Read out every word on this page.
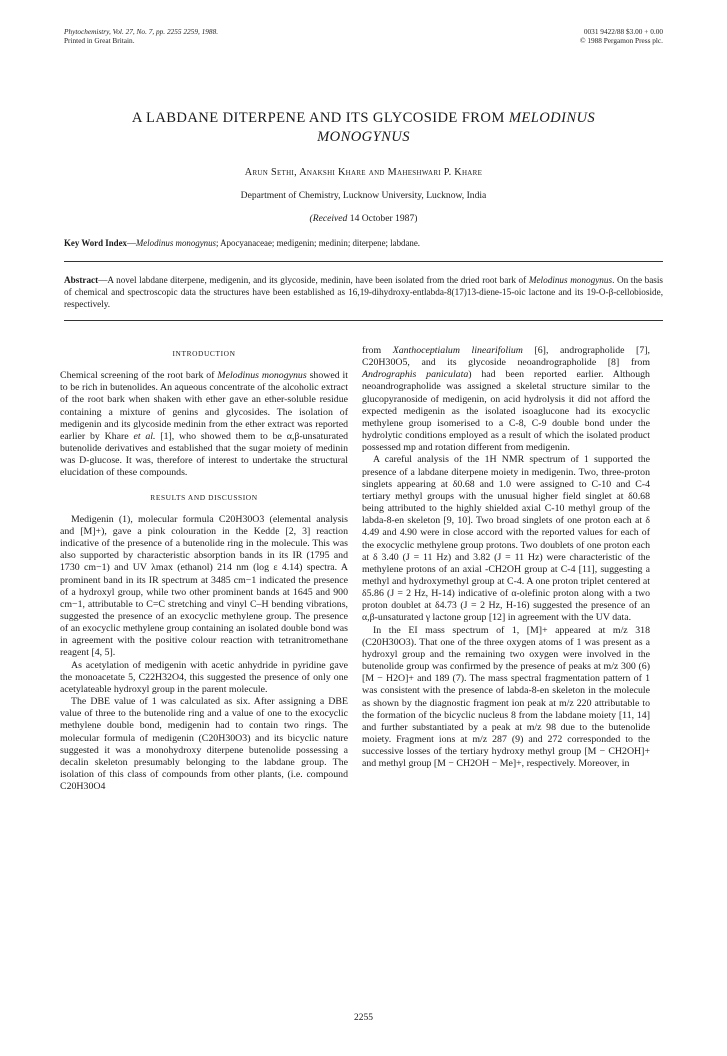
Phytochemistry, Vol. 27, No. 7, pp. 2255 2259, 1988.
Printed in Great Britain.
0031 9422/88 $3.00 + 0.00
© 1988 Pergamon Press plc.
A LABDANE DITERPENE AND ITS GLYCOSIDE FROM MELODINUS
MONOGYNUS
Arun Sethi, Anakshi Khare and Maheshwari P. Khare
Department of Chemistry, Lucknow University, Lucknow, India
(Received 14 October 1987)
Key Word Index—Melodinus monogynus; Apocyanaceae; medigenin; medinin; diterpene; labdane.
Abstract—A novel labdane diterpene, medigenin, and its glycoside, medinin, have been isolated from the dried root bark of Melodinus monogynus. On the basis of chemical and spectroscopic data the structures have been established as 16,19-dihydroxy-entlabda-8(17)13-diene-15-oic lactone and its 19-O-β-cellobioside, respectively.
INTRODUCTION

Chemical screening of the root bark of Melodinus monogynus showed it to be rich in butenolides. An aqueous concentrate of the alcoholic extract of the root bark when shaken with ether gave an ether-soluble residue containing a mixture of genins and glycosides. The isolation of medigenin and its glycoside medinin from the ether extract was reported earlier by Khare et al. [1], who showed them to be α,β-unsaturated butenolide derivatives and established that the sugar moiety of medinin was D-glucose. It was, therefore of interest to undertake the structural elucidation of these compounds.

RESULTS AND DISCUSSION

Medigenin (1), molecular formula C20H30O3 (elemental analysis and [M]+), gave a pink colouration in the Kedde [2, 3] reaction indicative of the presence of a butenolide ring in the molecule. This was also supported by characteristic absorption bands in its IR (1795 and 1730 cm−1) and UV λmax (ethanol) 214 nm (log ε 4.14) spectra. A prominent band in its IR spectrum at 3485 cm−1 indicated the presence of a hydroxyl group, while two other prominent bands at 1645 and 900 cm−1, attributable to C=C stretching and vinyl C–H bending vibrations, suggested the presence of an exocyclic methylene group. The presence of an exocyclic methylene group containing an isolated double bond was in agreement with the positive colour reaction with tetranitromethane reagent [4, 5].

As acetylation of medigenin with acetic anhydride in pyridine gave the monoacetate 5, C22H32O4, this suggested the presence of only one acetylateable hydroxyl group in the parent molecule.

The DBE value of 1 was calculated as six. After assigning a DBE value of three to the butenolide ring and a value of one to the exocyclic methylene double bond, medigenin had to contain two rings. The molecular formula of medigenin (C20H30O3) and its bicyclic nature suggested it was a monohydroxy diterpene butenolide possessing a decalin skeleton presumably belonging to the labdane group. The isolation of this class of compounds from other plants, (i.e. compound C20H30O4

from Xanthoceptialum linearifolium [6], andrographolide [7], C20H30O5, and its glycoside neoandrographolide [8] from Andrographis paniculata) had been reported earlier. Although neoandrographolide was assigned a skeletal structure similar to the glucopyranoside of medigenin, on acid hydrolysis it did not afford the expected medigenin as the isolated isoaglucone had its exocyclic methylene group isomerised to a C-8, C-9 double bond under the hydrolytic conditions employed as a result of which the isolated product possessed mp and rotation different from medigenin.

A careful analysis of the 1H NMR spectrum of 1 supported the presence of a labdane diterpene moiety in medigenin. Two, three-proton singlets appearing at δ0.68 and 1.0 were assigned to C-10 and C-4 tertiary methyl groups with the unusual higher field singlet at δ0.68 being attributed to the highly shielded axial C-10 methyl group of the labda-8-en skeleton [9, 10]. Two broad singlets of one proton each at δ 4.49 and 4.90 were in close accord with the reported values for each of the exocyclic methylene group protons. Two doublets of one proton each at δ 3.40 (J = 11 Hz) and 3.82 (J = 11 Hz) were characteristic of the methylene protons of an axial -CH2OH group at C-4 [11], suggesting a methyl and hydroxymethyl group at C-4. A one proton triplet centered at δ5.86 (J = 2 Hz, H-14) indicative of α-olefinic proton along with a two proton doublet at δ4.73 (J = 2 Hz, H-16) suggested the presence of an α,β-unsaturated γ lactone group [12] in agreement with the UV data.

In the EI mass spectrum of 1, [M]+ appeared at m/z 318 (C20H30O3). That one of the three oxygen atoms of 1 was present as a hydroxyl group and the remaining two oxygen were involved in the butenolide group was confirmed by the presence of peaks at m/z 300 (6) [M − H2O]+ and 189 (7). The mass spectral fragmentation pattern of 1 was consistent with the presence of labda-8-en skeleton in the molecule as shown by the diagnostic fragment ion peak at m/z 220 attributable to the formation of the bicyclic nucleus 8 from the labdane moiety [11, 14] and further substantiated by a peak at m/z 98 due to the butenolide moiety. Fragment ions at m/z 287 (9) and 272 corresponded to the successive losses of the tertiary hydroxy methyl group [M − CH2OH]+ and methyl group [M − CH2OH − Me]+, respectively. Moreover, in

2255
